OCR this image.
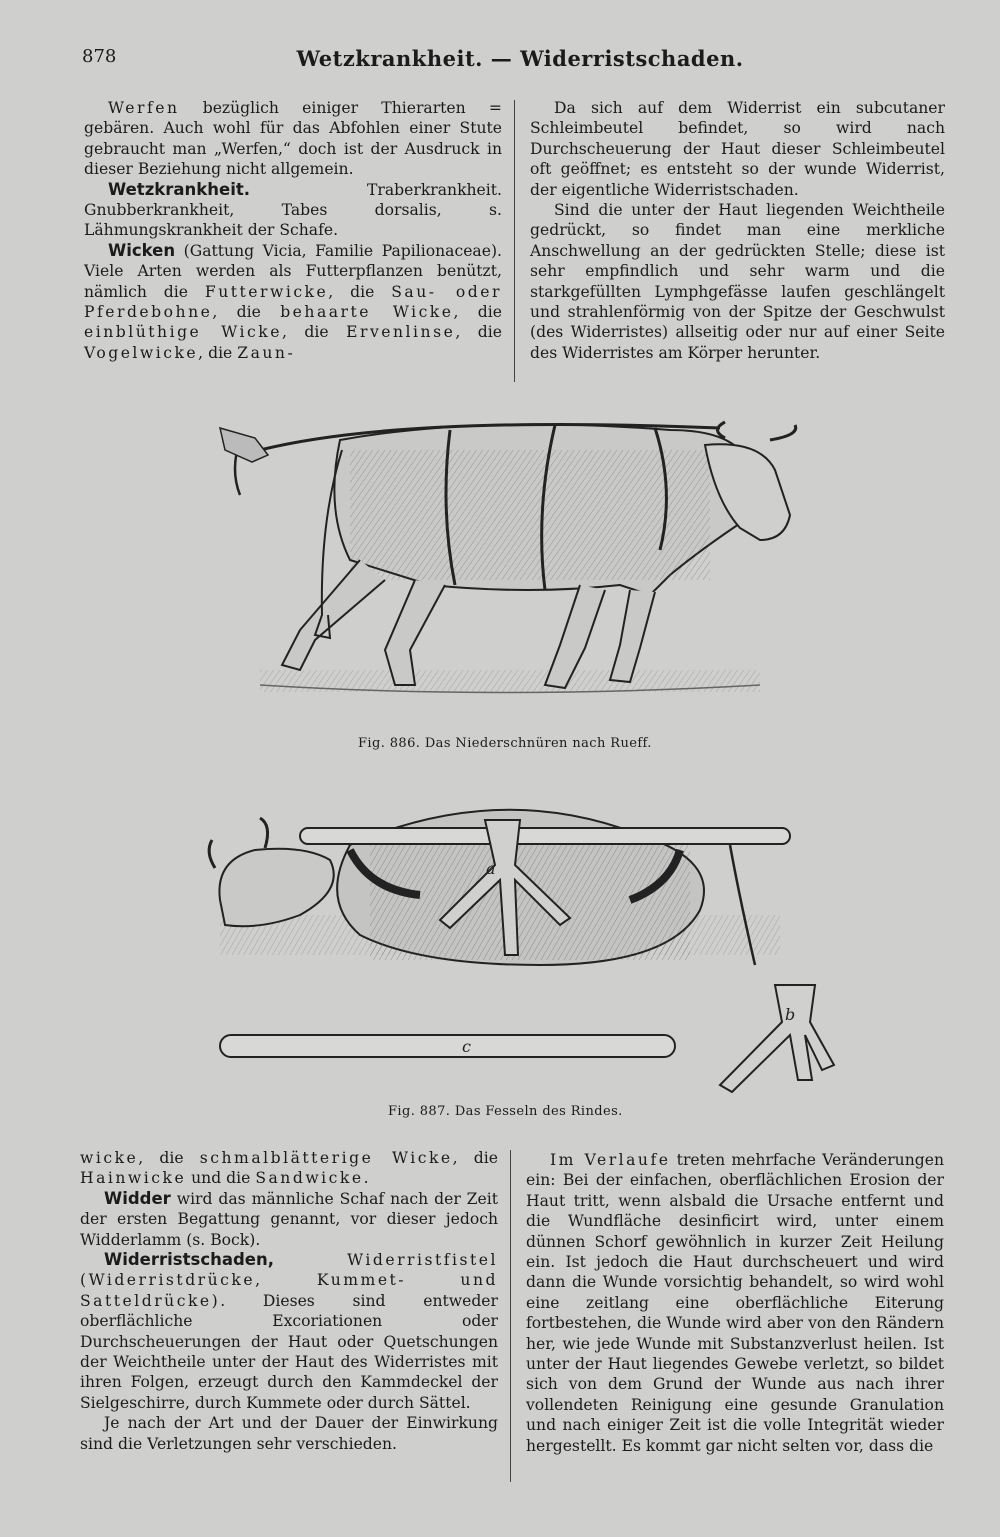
878	Wetzkrankheit. — Widerristschaden.

Werfen bezüglich einiger Thierarten = gebären. Auch wohl für das Abfohlen einer Stute gebraucht man „Werfen,“ doch ist der Ausdruck in dieser Beziehung nicht allgemein.

Wetzkrankheit. Traberkrankheit. Gnubberkrankheit, Tabes dorsalis, s. Lähmungskrankheit der Schafe.

Wicken (Gattung Vicia, Familie Papilionaceae). Viele Arten werden als Futterpflanzen benützt, nämlich die Futterwicke, die Sau- oder Pferdebohne, die behaarte Wicke, die einblüthige Wicke, die Ervenlinse, die Vogelwicke, die Zaun-

Da sich auf dem Widerrist ein subcutaner Schleimbeutel befindet, so wird nach Durchscheuerung der Haut dieser Schleimbeutel oft geöffnet; es entsteht so der wunde Widerrist, der eigentliche Widerristschaden.

Sind die unter der Haut liegenden Weichtheile gedrückt, so findet man eine merkliche Anschwellung an der gedrückten Stelle; diese ist sehr empfindlich und sehr warm und die starkgefüllten Lymphgefässe laufen geschlängelt und strahlenförmig von der Spitze der Geschwulst (des Widerristes) allseitig oder nur auf einer Seite des Widerristes am Körper herunter.

Fig. 886. Das Niederschnüren nach Rueff.
a
c
b
Fig. 887. Das Fesseln des Rindes.

wicke, die schmalblätterige Wicke, die Hainwicke und die Sandwicke.

Widder wird das männliche Schaf nach der Zeit der ersten Begattung genannt, vor dieser jedoch Widderlamm (s. Bock).

Widerristschaden, Widerristfistel (Widerristdrücke, Kummet- und Satteldrücke). Dieses sind entweder oberflächliche Excoriationen oder Durchscheuerungen der Haut oder Quetschungen der Weichtheile unter der Haut des Widerristes mit ihren Folgen, erzeugt durch den Kammdeckel der Sielgeschirre, durch Kummete oder durch Sättel.

Je nach der Art und der Dauer der Einwirkung sind die Verletzungen sehr verschieden.

Im Verlaufe treten mehrfache Veränderungen ein: Bei der einfachen, oberflächlichen Erosion der Haut tritt, wenn alsbald die Ursache entfernt und die Wundfläche desinficirt wird, unter einem dünnen Schorf gewöhnlich in kurzer Zeit Heilung ein. Ist jedoch die Haut durchscheuert und wird dann die Wunde vorsichtig behandelt, so wird wohl eine zeitlang eine oberflächliche Eiterung fortbestehen, die Wunde wird aber von den Rändern her, wie jede Wunde mit Substanzverlust heilen. Ist unter der Haut liegendes Gewebe verletzt, so bildet sich von dem Grund der Wunde aus nach ihrer vollendeten Reinigung eine gesunde Granulation und nach einiger Zeit ist die volle Integrität wieder hergestellt. Es kommt gar nicht selten vor, dass die
